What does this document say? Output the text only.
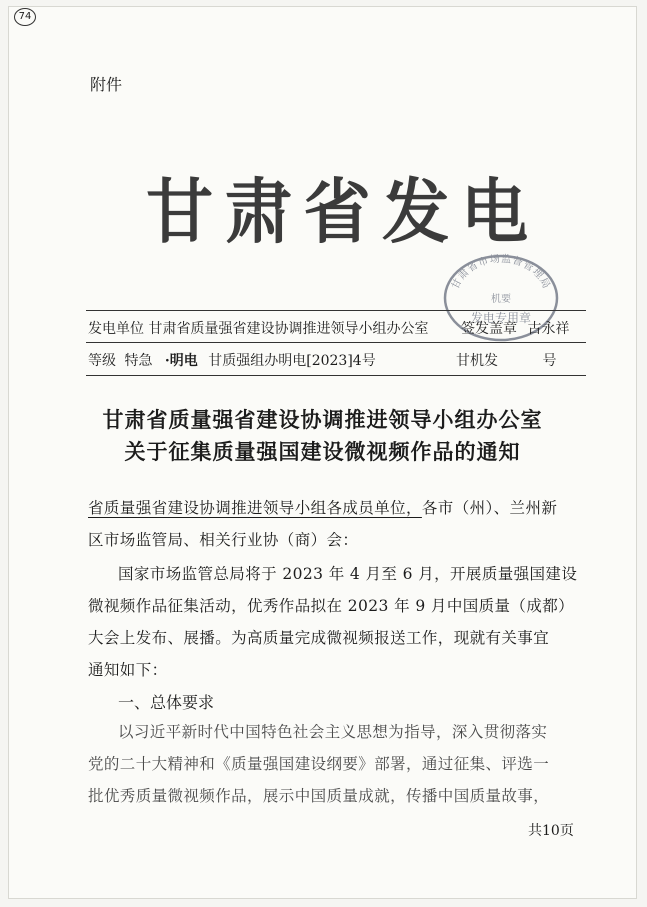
74
附件
甘肃省发电
甘肃省市场监督管理局
机要
发电专用章
发电单位 甘肃省质量强省建设协调推进领导小组办公室 签发盖章 古永祥
等级 特急 ·明电 甘质强组办明电[2023]4号	甘机发	号
甘肃省质量强省建设协调推进领导小组办公室
关于征集质量强国建设微视频作品的通知
省质量强省建设协调推进领导小组各成员单位，各市（州）、兰州新
区市场监管局、相关行业协（商）会：
国家市场监管总局将于 2023 年 4 月至 6 月，开展质量强国建设
微视频作品征集活动，优秀作品拟在 2023 年 9 月中国质量（成都）
大会上发布、展播。为高质量完成微视频报送工作，现就有关事宜
通知如下：
一、总体要求
以习近平新时代中国特色社会主义思想为指导，深入贯彻落实
党的二十大精神和《质量强国建设纲要》部署，通过征集、评选一
批优秀质量微视频作品，展示中国质量成就，传播中国质量故事，
共10页
